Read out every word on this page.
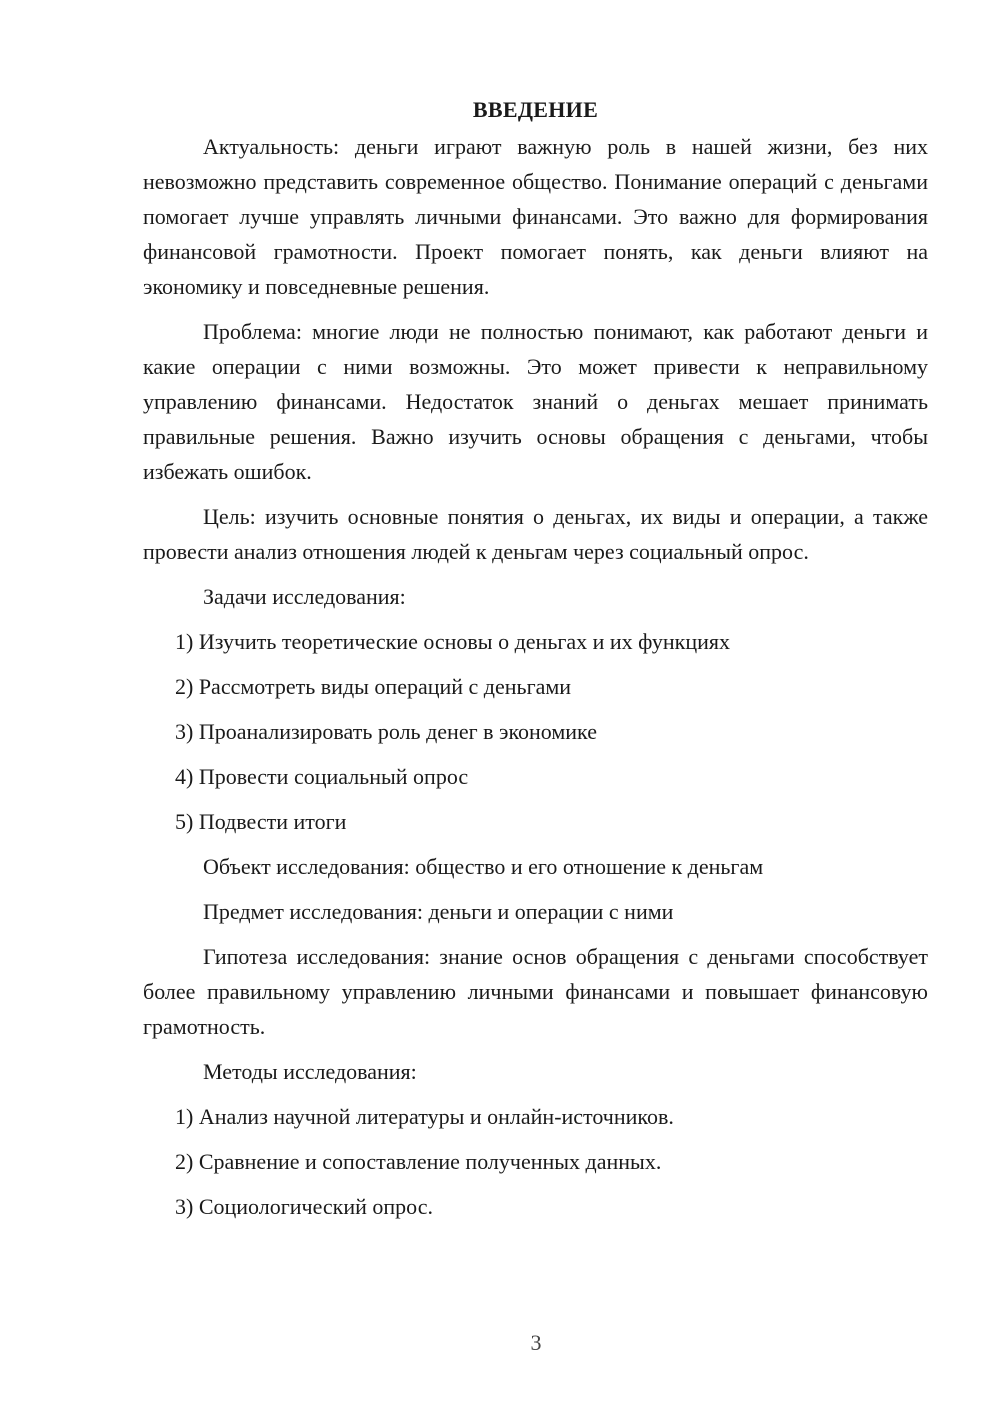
ВВЕДЕНИЕ

Актуальность: деньги играют важную роль в нашей жизни, без них невозможно представить современное общество. Понимание операций с деньгами помогает лучше управлять личными финансами. Это важно для формирования финансовой грамотности. Проект помогает понять, как деньги влияют на экономику и повседневные решения.

Проблема: многие люди не полностью понимают, как работают деньги и какие операции с ними возможны. Это может привести к неправильному управлению финансами. Недостаток знаний о деньгах мешает принимать правильные решения. Важно изучить основы обращения с деньгами, чтобы избежать ошибок.

Цель: изучить основные понятия о деньгах, их виды и операции, а также провести анализ отношения людей к деньгам через социальный опрос.

Задачи исследования:
1) Изучить теоретические основы о деньгах и их функциях
2) Рассмотреть виды операций с деньгами
3) Проанализировать роль денег в экономике
4) Провести социальный опрос
5) Подвести итоги
Объект исследования: общество и его отношение к деньгам
Предмет исследования: деньги и операции с ними

Гипотеза исследования: знание основ обращения с деньгами способствует более правильному управлению личными финансами и повышает финансовую грамотность.

Методы исследования:
1) Анализ научной литературы и онлайн-источников.
2) Сравнение и сопоставление полученных данных.
3) Социологический опрос.
3
